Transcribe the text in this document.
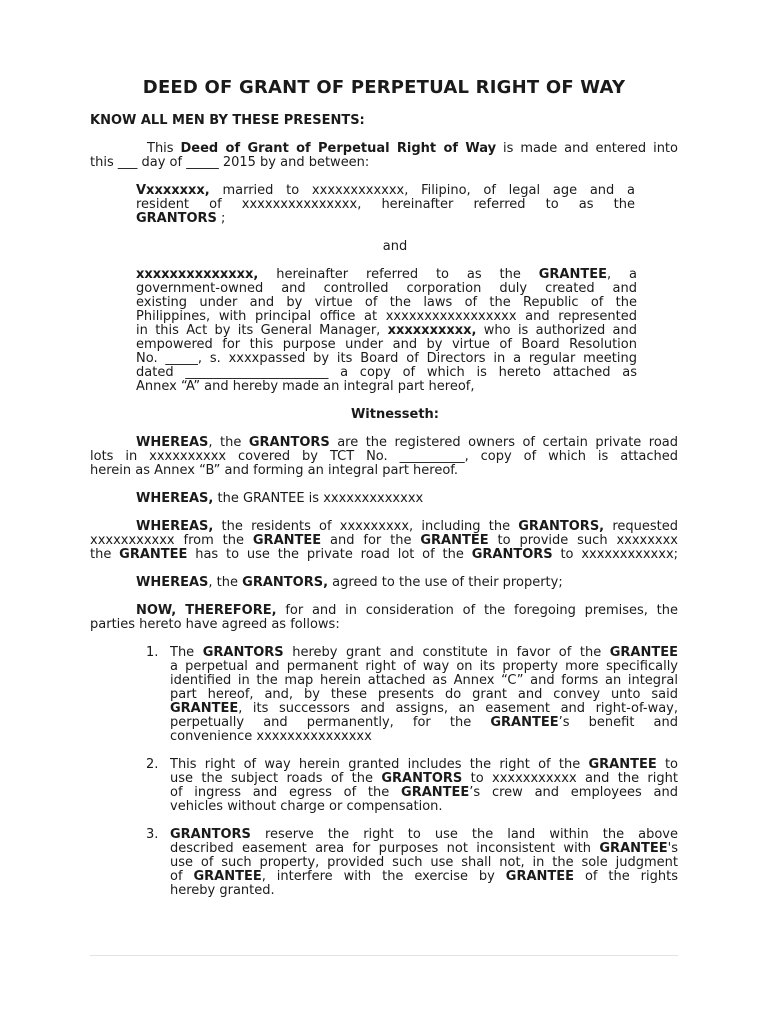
DEED OF GRANT OF PERPETUAL RIGHT OF WAY
KNOW ALL MEN BY THESE PRESENTS:
This Deed of Grant of Perpetual Right of Way is made and entered into
this ___ day of _____ 2015 by and between:
Vxxxxxxx, married to xxxxxxxxxxxx, Filipino, of legal age and a
resident of xxxxxxxxxxxxxxx, hereinafter referred to as the
GRANTORS ;
and
xxxxxxxxxxxxxx, hereinafter referred to as the GRANTEE, a
government-owned and controlled corporation duly created and
existing under and by virtue of the laws of the Republic of the
Philippines, with principal office at xxxxxxxxxxxxxxxxx and represented
in this Act by its General Manager, xxxxxxxxxx, who is authorized and
empowered for this purpose under and by virtue of Board Resolution
No. _____, s. xxxxpassed by its Board of Directors in a regular meeting
dated ______________________ a copy of which is hereto attached as
Annex “A” and hereby made an integral part hereof,
Witnesseth:
WHEREAS, the GRANTORS are the registered owners of certain private road
lots in xxxxxxxxxx covered by TCT No. __________, copy of which is attached
herein as Annex “B” and forming an integral part hereof.
WHEREAS, the GRANTEE is xxxxxxxxxxxxx
WHEREAS, the residents of xxxxxxxxx, including the GRANTORS, requested
xxxxxxxxxxx from the GRANTEE and for the GRANTEE to provide such xxxxxxxx
the GRANTEE has to use the private road lot of the GRANTORS to xxxxxxxxxxxx;
WHEREAS, the GRANTORS, agreed to the use of their property;
NOW, THEREFORE, for and in consideration of the foregoing premises, the
parties hereto have agreed as follows:
1. The GRANTORS hereby grant and constitute in favor of the GRANTEE
a perpetual and permanent right of way on its property more specifically
identified in the map herein attached as Annex “C” and forms an integral
part hereof, and, by these presents do grant and convey unto said
GRANTEE, its successors and assigns, an easement and right-of-way,
perpetually and permanently, for the GRANTEE’s benefit and
convenience xxxxxxxxxxxxxxx
2. This right of way herein granted includes the right of the GRANTEE to
use the subject roads of the GRANTORS to xxxxxxxxxxx and the right
of ingress and egress of the GRANTEE’s crew and employees and
vehicles without charge or compensation.
3. GRANTORS reserve the right to use the land within the above
described easement area for purposes not inconsistent with GRANTEE's
use of such property, provided such use shall not, in the sole judgment
of GRANTEE, interfere with the exercise by GRANTEE of the rights
hereby granted.
